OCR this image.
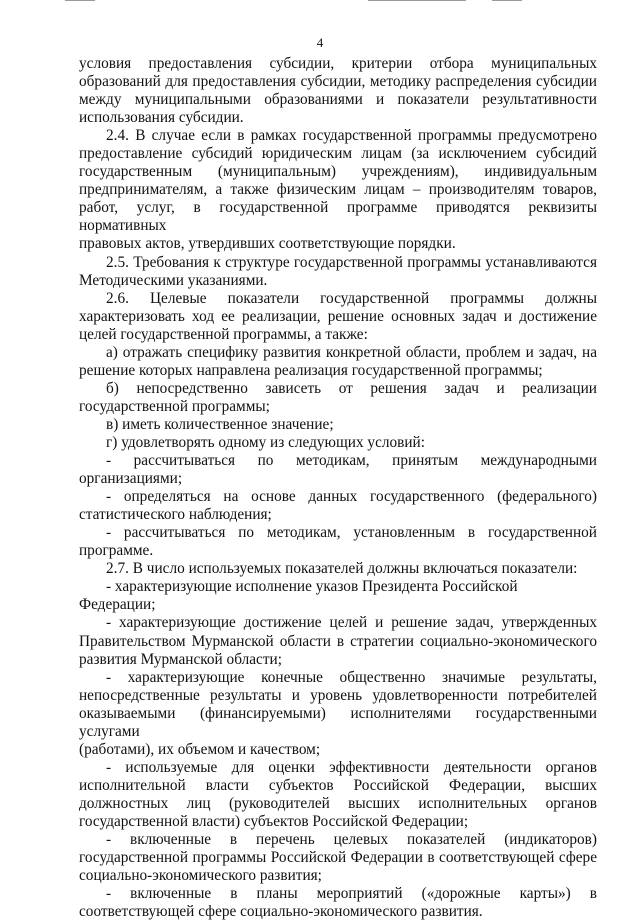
4

условия предоставления субсидии, критерии отбора муниципальных
образований для предоставления субсидии, методику распределения субсидии
между муниципальными образованиями и показатели результативности
использования субсидии.

2.4. В случае если в рамках государственной программы предусмотрено
предоставление субсидий юридическим лицам (за исключением субсидий
государственным (муниципальным) учреждениям), индивидуальным
предпринимателям, а также физическим лицам – производителям товаров,
работ, услуг, в государственной программе приводятся реквизиты нормативных
правовых актов, утвердивших соответствующие порядки.

2.5. Требования к структуре государственной программы устанавливаются
Методическими указаниями.

2.6. Целевые показатели государственной программы должны
характеризовать ход ее реализации, решение основных задач и достижение
целей государственной программы, а также:

а) отражать специфику развития конкретной области, проблем и задач, на
решение которых направлена реализация государственной программы;

б) непосредственно зависеть от решения задач и реализации
государственной программы;

в) иметь количественное значение;

г) удовлетворять одному из следующих условий:

- рассчитываться по методикам, принятым международными
организациями;

- определяться на основе данных государственного (федерального)
статистического наблюдения;

- рассчитываться по методикам, установленным в государственной
программе.

2.7. В число используемых показателей должны включаться показатели:

- характеризующие исполнение указов Президента Российской Федерации;

- характеризующие достижение целей и решение задач, утвержденных
Правительством Мурманской области в стратегии социально-экономического
развития Мурманской области;

- характеризующие конечные общественно значимые результаты,
непосредственные результаты и уровень удовлетворенности потребителей
оказываемыми (финансируемыми) исполнителями государственными услугами
(работами), их объемом и качеством;

- используемые для оценки эффективности деятельности органов
исполнительной власти субъектов Российской Федерации, высших
должностных лиц (руководителей высших исполнительных органов
государственной власти) субъектов Российской Федерации;

- включенные в перечень целевых показателей (индикаторов)
государственной программы Российской Федерации в соответствующей сфере
социально-экономического развития;

- включенные в планы мероприятий («дорожные карты») в
соответствующей сфере социально-экономического развития.
